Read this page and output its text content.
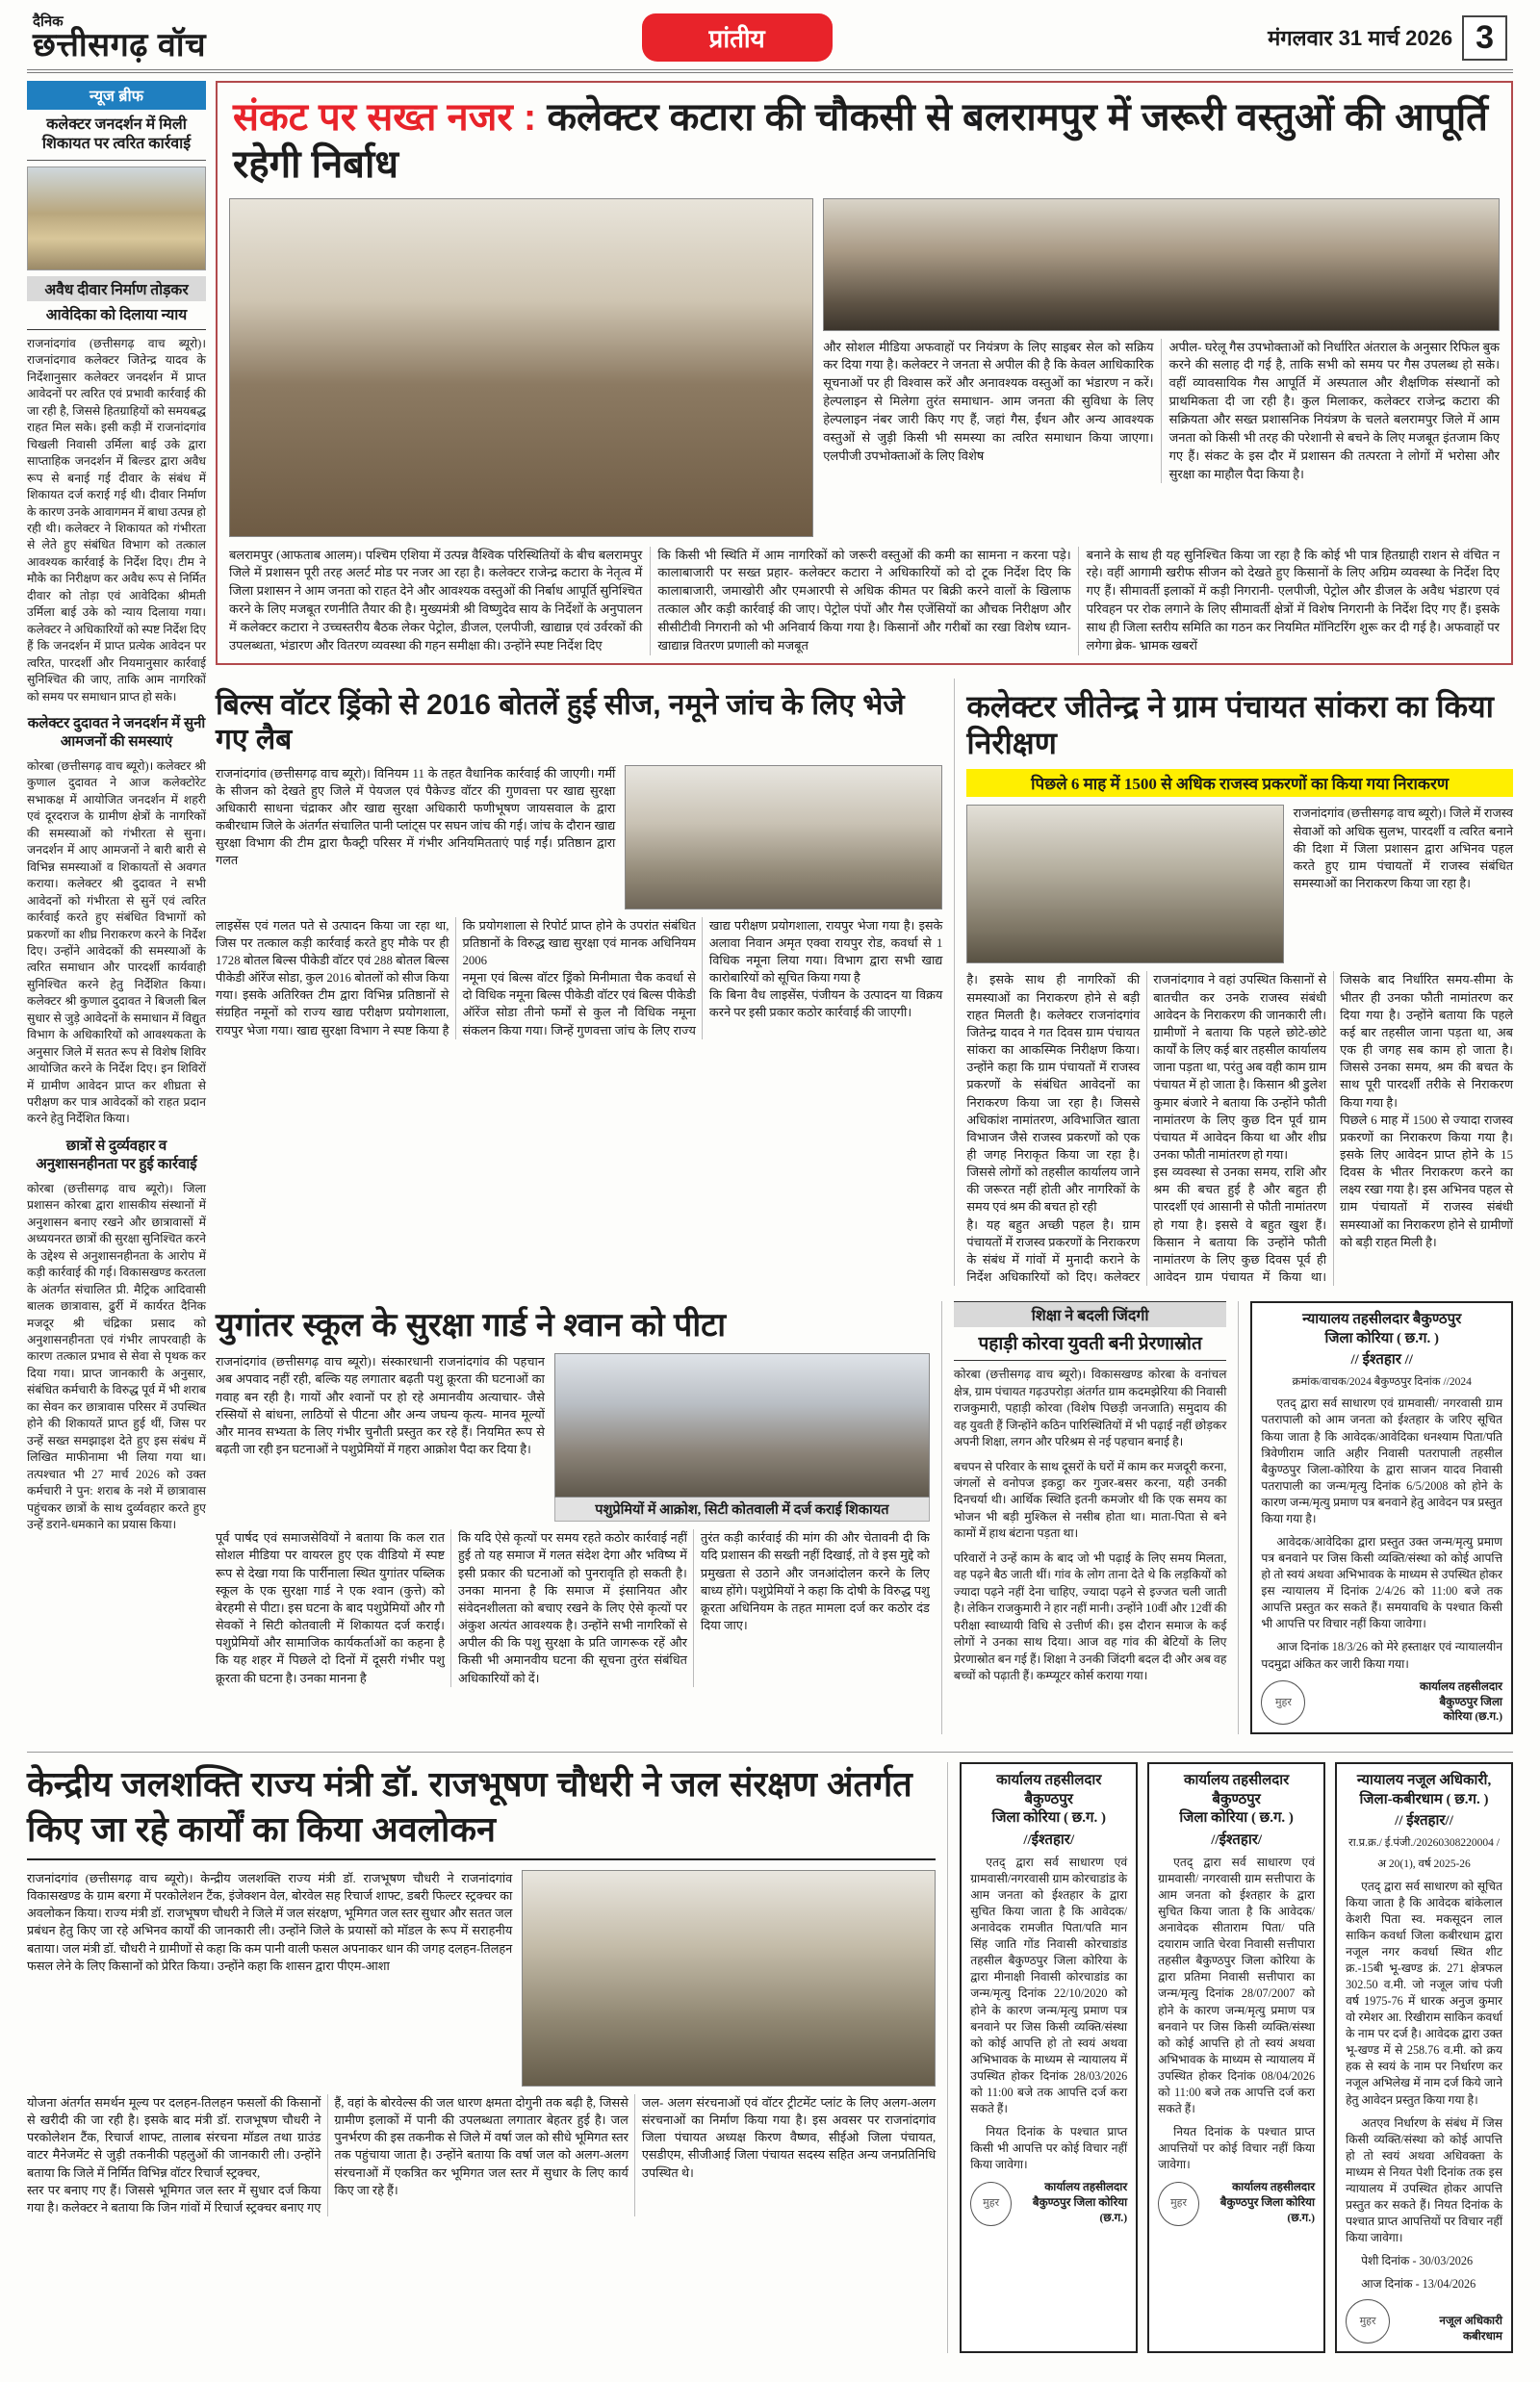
दैनिक
छत्तीसगढ़ वॉच	प्रांतीय	मंगलवार 31 मार्च 2026 3
न्यूज ब्रीफ
कलेक्टर जनदर्शन में मिली शिकायत पर त्वरित कार्रवाई
अवैध दीवार निर्माण तोड़कर
आवेदिका को दिलाया न्याय

राजनांदगांव (छत्तीसगढ़ वाच ब्यूरो)। राजनांदगाव कलेक्टर जितेन्द्र यादव के निर्देशानुसार कलेक्टर जनदर्शन में प्राप्त आवेदनों पर त्वरित एवं प्रभावी कार्रवाई की जा रही है, जिससे हितग्राहियों को समयबद्ध राहत मिल सके। इसी कड़ी में राजनांदगांव चिखली निवासी उर्मिला बाई उके द्वारा साप्ताहिक जनदर्शन में बिल्डर द्वारा अवैध रूप से बनाई गई दीवार के संबंध में शिकायत दर्ज कराई गई थी। दीवार निर्माण के कारण उनके आवागमन में बाधा उत्पन्न हो रही थी। कलेक्टर ने शिकायत को गंभीरता से लेते हुए संबंधित विभाग को तत्काल आवश्यक कार्रवाई के निर्देश दिए। टीम ने मौके का निरीक्षण कर अवैध रूप से निर्मित दीवार को तोड़ा एवं आवेदिका श्रीमती उर्मिला बाई उके को न्याय दिलाया गया। कलेक्टर ने अधिकारियों को स्पष्ट निर्देश दिए हैं कि जनदर्शन में प्राप्त प्रत्येक आवेदन पर त्वरित, पारदर्शी और नियमानुसार कार्रवाई सुनिश्चित की जाए, ताकि आम नागरिकों को समय पर समाधान प्राप्त हो सके।

कलेक्टर दुदावत ने जनदर्शन में सुनी आमजनों की समस्याएं

कोरबा (छत्तीसगढ़ वाच ब्यूरो)। कलेक्टर श्री कुणाल दुदावत ने आज कलेक्टोरेट सभाकक्ष में आयोजित जनदर्शन में शहरी एवं दूरदराज के ग्रामीण क्षेत्रों के नागरिकों की समस्याओं को गंभीरता से सुना। जनदर्शन में आए आमजनों ने बारी बारी से विभिन्न समस्याओं व शिकायतों से अवगत कराया। कलेक्टर श्री दुदावत ने सभी आवेदनों को गंभीरता से सुनें एवं त्वरित कार्रवाई करते हुए संबंधित विभागों को प्रकरणों का शीघ्र निराकरण करने के निर्देश दिए। उन्होंने आवेदकों की समस्याओं के त्वरित समाधान और पारदर्शी कार्यवाही सुनिश्चित करने हेतु निर्देशित किया। कलेक्टर श्री कुणाल दुदावत ने बिजली बिल सुधार से जुड़े आवेदनों के समाधान में विद्युत विभाग के अधिकारियों को आवश्यकता के अनुसार जिले में सतत रूप से विशेष शिविर आयोजित करने के निर्देश दिए। इन शिविरों में ग्रामीण आवेदन प्राप्त कर शीघ्रता से परीक्षण कर पात्र आवेदकों को राहत प्रदान करने हेतु निर्देशित किया।

छात्रों से दुर्व्यवहार व अनुशासनहीनता पर हुई कार्रवाई

कोरबा (छत्तीसगढ़ वाच ब्यूरो)। जिला प्रशासन कोरबा द्वारा शासकीय संस्थानों में अनुशासन बनाए रखने और छात्रावासों में अध्ययनरत छात्रों की सुरक्षा सुनिश्चित करने के उद्देश्य से अनुशासनहीनता के आरोप में कड़ी कार्रवाई की गई। विकासखण्ड करतला के अंतर्गत संचालित प्री. मैट्रिक आदिवासी बालक छात्रावास, ढुर्री में कार्यरत दैनिक मजदूर श्री चंद्रिका प्रसाद को अनुशासनहीनता एवं गंभीर लापरवाही के कारण तत्काल प्रभाव से सेवा से पृथक कर दिया गया। प्राप्त जानकारी के अनुसार, संबंधित कर्मचारी के विरुद्ध पूर्व में भी शराब का सेवन कर छात्रावास परिसर में उपस्थित होने की शिकायतें प्राप्त हुई थीं, जिस पर उन्हें सख्त समझाइश देते हुए इस संबंध में लिखित माफीनामा भी लिया गया था। तत्पश्चात भी 27 मार्च 2026 को उक्त कर्मचारी ने पुन: शराब के नशे में छात्रावास पहुंचकर छात्रों के साथ दुर्व्यवहार करते हुए उन्हें डराने-धमकाने का प्रयास किया।

संकट पर सख्त नजर : कलेक्टर कटारा की चौकसी से बलरामपुर में जरूरी वस्तुओं की आपूर्ति रहेगी निर्बाध

और सोशल मीडिया अफवाहों पर नियंत्रण के लिए साइबर सेल को सक्रिय कर दिया गया है। कलेक्टर ने जनता से अपील की है कि केवल आधिकारिक सूचनाओं पर ही विश्वास करें और अनावश्यक वस्तुओं का भंडारण न करें। हेल्पलाइन से मिलेगा तुरंत समाधान- आम जनता की सुविधा के लिए हेल्पलाइन नंबर जारी किए गए हैं, जहां गैस, ईंधन और अन्य आवश्यक वस्तुओं से जुड़ी किसी भी समस्या का त्वरित समाधान किया जाएगा। एलपीजी उपभोक्ताओं के लिए विशेष

अपील- घरेलू गैस उपभोक्ताओं को निर्धारित अंतराल के अनुसार रिफिल बुक करने की सलाह दी गई है, ताकि सभी को समय पर गैस उपलब्ध हो सके। वहीं व्यावसायिक गैस आपूर्ति में अस्पताल और शैक्षणिक संस्थानों को प्राथमिकता दी जा रही है। कुल मिलाकर, कलेक्टर राजेन्द्र कटारा की सक्रियता और सख्त प्रशासनिक नियंत्रण के चलते बलरामपुर जिले में आम जनता को किसी भी तरह की परेशानी से बचने के लिए मजबूत इंतजाम किए गए हैं। संकट के इस दौर में प्रशासन की तत्परता ने लोगों में भरोसा और सुरक्षा का माहौल पैदा किया है।

बलरामपुर (आफताब आलम)। पश्चिम एशिया में उत्पन्न वैश्विक परिस्थितियों के बीच बलरामपुर जिले में प्रशासन पूरी तरह अलर्ट मोड पर नजर आ रहा है। कलेक्टर राजेन्द्र कटारा के नेतृत्व में जिला प्रशासन ने आम जनता को राहत देने और आवश्यक वस्तुओं की निर्बाध आपूर्ति सुनिश्चित करने के लिए मजबूत रणनीति तैयार की है। मुख्यमंत्री श्री विष्णुदेव साय के निर्देशों के अनुपालन में कलेक्टर कटारा ने उच्चस्तरीय बैठक लेकर पेट्रोल, डीजल, एलपीजी, खाद्यान्न एवं उर्वरकों की उपलब्धता, भंडारण और वितरण व्यवस्था की गहन समीक्षा की। उन्होंने स्पष्ट निर्देश दिए

कि किसी भी स्थिति में आम नागरिकों को जरूरी वस्तुओं की कमी का सामना न करना पड़े। कालाबाजारी पर सख्त प्रहार- कलेक्टर कटारा ने अधिकारियों को दो टूक निर्देश दिए कि कालाबाजारी, जमाखोरी और एमआरपी से अधिक कीमत पर बिक्री करने वालों के खिलाफ तत्काल और कड़ी कार्रवाई की जाए। पेट्रोल पंपों और गैस एजेंसियों का औचक निरीक्षण और सीसीटीवी निगरानी को भी अनिवार्य किया गया है। किसानों और गरीबों का रखा विशेष ध्यान- खाद्यान्न वितरण प्रणाली को मजबूत

बनाने के साथ ही यह सुनिश्चित किया जा रहा है कि कोई भी पात्र हितग्राही राशन से वंचित न रहे। वहीं आगामी खरीफ सीजन को देखते हुए किसानों के लिए अग्रिम व्यवस्था के निर्देश दिए गए हैं। सीमावर्ती इलाकों में कड़ी निगरानी- एलपीजी, पेट्रोल और डीजल के अवैध भंडारण एवं परिवहन पर रोक लगाने के लिए सीमावर्ती क्षेत्रों में विशेष निगरानी के निर्देश दिए गए हैं। इसके साथ ही जिला स्तरीय समिति का गठन कर नियमित मॉनिटरिंग शुरू कर दी गई है। अफवाहों पर लगेगा ब्रेक- भ्रामक खबरों

बिल्स वॉटर ड्रिंको से 2016 बोतलें हुई सीज, नमूने जांच के लिए भेजे गए लैब
राजनांदगांव (छत्तीसगढ़ वाच ब्यूरो)। विनियम 11 के तहत वैधानिक कार्रवाई की जाएगी। गर्मी के सीजन को देखते हुए जिले में पेयजल एवं पैकेज्ड वॉटर की गुणवत्ता पर खाद्य सुरक्षा अधिकारी साधना चंद्राकर और खाद्य सुरक्षा अधिकारी फणीभूषण जायसवाल के द्वारा कबीरधाम जिले के अंतर्गत संचालित पानी प्लांट्स पर सघन जांच की गई। जांच के दौरान खाद्य सुरक्षा विभाग की टीम द्वारा फैक्ट्री परिसर में गंभीर अनियमितताएं पाई गईं। प्रतिष्ठान द्वारा गलत

लाइसेंस एवं गलत पते से उत्पादन किया जा रहा था, जिस पर तत्काल कड़ी कार्रवाई करते हुए मौके पर ही 1728 बोतल बिल्स पीकेडी वॉटर एवं 288 बोतल बिल्स पीकेडी ऑरेंज सोडा, कुल 2016 बोतलों को सीज किया गया। इसके अतिरिक्त टीम द्वारा विभिन्न प्रतिष्ठानों से संग्रहित नमूनों को राज्य खाद्य परीक्षण प्रयोगशाला, रायपुर भेजा गया। खाद्य सुरक्षा विभाग ने स्पष्ट किया है कि प्रयोगशाला से रिपोर्ट प्राप्त होने के उपरांत संबंधित प्रतिष्ठानों के विरुद्ध खाद्य सुरक्षा एवं मानक अधिनियम 2006

नमूना एवं बिल्स वॉटर ड्रिंको मिनीमाता चैक कवर्धा से दो विधिक नमूना बिल्स पीकेडी वॉटर एवं बिल्स पीकेडी ऑरेंज सोडा तीनो फर्मों से कुल नौ विधिक नमूना संकलन किया गया। जिन्हें गुणवत्ता जांच के लिए राज्य खाद्य परीक्षण प्रयोगशाला, रायपुर भेजा गया है। इसके अलावा निवान अमृत एक्वा रायपुर रोड, कवर्धा से 1 विधिक नमूना लिया गया। विभाग द्वारा सभी खाद्य कारोबारियों को सूचित किया गया है

कि बिना वैध लाइसेंस, पंजीयन के उत्पादन या विक्रय करने पर इसी प्रकार कठोर कार्रवाई की जाएगी।

कलेक्टर जीतेन्द्र ने ग्राम पंचायत सांकरा का किया निरीक्षण
पिछले 6 माह में 1500 से अधिक राजस्व प्रकरणों का किया गया निराकरण
राजनांदगांव (छत्तीसगढ़ वाच ब्यूरो)। जिले में राजस्व सेवाओं को अधिक सुलभ, पारदर्शी व त्वरित बनाने की दिशा में जिला प्रशासन द्वारा अभिनव पहल करते हुए ग्राम पंचायतों में राजस्व संबंधित समस्याओं का निराकरण किया जा रहा है।

है। इसके साथ ही नागरिकों की समस्याओं का निराकरण होने से बड़ी राहत मिलती है। कलेक्टर राजनांदगांव जितेन्द्र यादव ने गत दिवस ग्राम पंचायत सांकरा का आकस्मिक निरीक्षण किया। उन्होंने कहा कि ग्राम पंचायतों में राजस्व प्रकरणों के संबंधित आवेदनों का निराकरण किया जा रहा है। जिससे अधिकांश नामांतरण, अविभाजित खाता विभाजन जैसे राजस्व प्रकरणों को एक ही जगह निराकृत किया जा रहा है। जिससे लोगों को तहसील कार्यालय जाने की जरूरत नहीं होती और नागरिकों के समय एवं श्रम की बचत हो रही

है। यह बहुत अच्छी पहल है। ग्राम पंचायतों में राजस्व प्रकरणों के निराकरण के संबंध में गांवों में मुनादी कराने के निर्देश अधिकारियों को दिए। कलेक्टर राजनांदगाव ने वहां उपस्थित किसानों से बातचीत कर उनके राजस्व संबंधी आवेदन के निराकरण की जानकारी ली। ग्रामीणों ने बताया कि पहले छोटे-छोटे कार्यों के लिए कई बार तहसील कार्यालय जाना पड़ता था, परंतु अब वही काम ग्राम पंचायत में हो जाता है। किसान श्री डुलेश कुमार बंजारे ने बताया कि उन्होंने फौती नामांतरण के लिए कुछ दिन पूर्व ग्राम पंचायत में आवेदन किया था और शीघ्र उनका फौती नामांतरण हो गया।

इस व्यवस्था से उनका समय, राशि और श्रम की बचत हुई है और बहुत ही पारदर्शी एवं आसानी से फौती नामांतरण हो गया है। इससे वे बहुत खुश हैं। किसान ने बताया कि उन्होंने फौती नामांतरण के लिए कुछ दिवस पूर्व ही आवेदन ग्राम पंचायत में किया था। जिसके बाद निर्धारित समय-सीमा के भीतर ही उनका फौती नामांतरण कर दिया गया है। उन्होंने बताया कि पहले कई बार तहसील जाना पड़ता था, अब एक ही जगह सब काम हो जाता है। जिससे उनका समय, श्रम की बचत के साथ पूरी पारदर्शी तरीके से निराकरण किया गया है।

पिछले 6 माह में 1500 से ज्यादा राजस्व प्रकरणों का निराकरण किया गया है। इसके लिए आवेदन प्राप्त होने के 15 दिवस के भीतर निराकरण करने का लक्ष्य रखा गया है। इस अभिनव पहल से ग्राम पंचायतों में राजस्व संबंधी समस्याओं का निराकरण होने से ग्रामीणों को बड़ी राहत मिली है।

युगांतर स्कूल के सुरक्षा गार्ड ने श्वान को पीटा
राजनांदगांव (छत्तीसगढ़ वाच ब्यूरो)। संस्कारधानी राजनांदगांव की पहचान अब अपवाद नहीं रही, बल्कि यह लगातार बढ़ती पशु क्रूरता की घटनाओं का गवाह बन रही है। गायों और श्वानों पर हो रहे अमानवीय अत्याचार- जैसे रस्सियों से बांधना, लाठियों से पीटना और अन्य जघन्य कृत्य- मानव मूल्यों और मानव सभ्यता के लिए गंभीर चुनौती प्रस्तुत कर रहे हैं। नियमित रूप से बढ़ती जा रही इन घटनाओं ने पशुप्रेमियों में गहरा आक्रोश पैदा कर दिया है।
पशुप्रेमियों में आक्रोश, सिटी कोतवाली में दर्ज कराई शिकायत

पूर्व पार्षद एवं समाजसेवियों ने बताया कि कल रात सोशल मीडिया पर वायरल हुए एक वीडियो में स्पष्ट रूप से देखा गया कि पार्रीनाला स्थित युगांतर पब्लिक स्कूल के एक सुरक्षा गार्ड ने एक श्वान (कुत्ते) को बेरहमी से पीटा। इस घटना के बाद पशुप्रेमियों और गौ सेवकों ने सिटी कोतवाली में शिकायत दर्ज कराई। पशुप्रेमियों और सामाजिक कार्यकर्ताओं का कहना है कि यह शहर में पिछले दो दिनों में दूसरी गंभीर पशु क्रूरता की घटना है। उनका मानना है

कि यदि ऐसे कृत्यों पर समय रहते कठोर कार्रवाई नहीं हुई तो यह समाज में गलत संदेश देगा और भविष्य में इसी प्रकार की घटनाओं को पुनरावृति हो सकती है। उनका मानना है कि समाज में इंसानियत और संवेदनशीलता को बचाए रखने के लिए ऐसे कृत्यों पर अंकुश अत्यंत आवश्यक है। उन्होंने सभी नागरिकों से अपील की कि पशु सुरक्षा के प्रति जागरूक रहें और किसी भी अमानवीय घटना की सूचना तुरंत संबंधित अधिकारियों को दें।

तुरंत कड़ी कार्रवाई की मांग की और चेतावनी दी कि यदि प्रशासन की सख्ती नहीं दिखाई, तो वे इस मुद्दे को प्रमुखता से उठाने और जनआंदोलन करने के लिए बाध्य होंगे। पशुप्रेमियों ने कहा कि दोषी के विरुद्ध पशु क्रूरता अधिनियम के तहत मामला दर्ज कर कठोर दंड दिया जाए।

शिक्षा ने बदली जिंदगी
पहाड़ी कोरवा युवती बनी प्रेरणास्रोत

कोरबा (छत्तीसगढ़ वाच ब्यूरो)। विकासखण्ड कोरबा के वनांचल क्षेत्र, ग्राम पंचायत गढ़उपरोड़ा अंतर्गत ग्राम कदमझेरिया की निवासी राजकुमारी, पहाड़ी कोरवा (विशेष पिछड़ी जनजाति) समुदाय की वह युवती हैं जिन्होंने कठिन पारिस्थितियों में भी पढ़ाई नहीं छोड़कर अपनी शिक्षा, लगन और परिश्रम से नई पहचान बनाई है।

बचपन से परिवार के साथ दूसरों के घरों में काम कर मजदूरी करना, जंगलों से वनोपज इकट्ठा कर गुजर-बसर करना, यही उनकी दिनचर्या थी। आर्थिक स्थिति इतनी कमजोर थी कि एक समय का भोजन भी बड़ी मुश्किल से नसीब होता था। माता-पिता से बने कामों में हाथ बंटाना पड़ता था।

परिवारों ने उन्हें काम के बाद जो भी पढ़ाई के लिए समय मिलता, वह पढ़ने बैठ जाती थीं। गांव के लोग ताना देते थे कि लड़कियों को ज्यादा पढ़ने नहीं देना चाहिए, ज्यादा पढ़ने से इज्जत चली जाती है। लेकिन राजकुमारी ने हार नहीं मानी। उन्होंने 10वीं और 12वीं की परीक्षा स्वाध्यायी विधि से उत्तीर्ण की। इस दौरान समाज के कई लोगों ने उनका साथ दिया। आज वह गांव की बेटियों के लिए प्रेरणास्रोत बन गई हैं। शिक्षा ने उनकी जिंदगी बदल दी और अब वह बच्चों को पढ़ाती हैं। कम्प्यूटर कोर्स कराया गया।

न्यायालय तहसीलदार बैकुण्ठपुर
जिला कोरिया ( छ.ग. )
// ईश्तहार //
क्रमांक/वाचक/2024 बैकुण्ठपुर दिनांक //2024

एतद् द्वारा सर्व साधारण एवं ग्रामवासी/ नगरवासी ग्राम पतरापाली को आम जनता को ईश्तहार के जरिए सूचित किया जाता है कि आवेदक/आवेदिका धनश्याम पिता/पति त्रिवेणीराम जाति अहीर निवासी पतरापाली तहसील बैकुण्ठपुर जिला-कोरिया के द्वारा साजन यादव निवासी पतरापाली का जन्म/मृत्यु दिनांक 6/5/2008 को होने के कारण जन्म/मृत्यु प्रमाण पत्र बनवाने हेतु आवेदन पत्र प्रस्तुत किया गया है।

आवेदक/आवेदिका द्वारा प्रस्तुत उक्त जन्म/मृत्यु प्रमाण पत्र बनवाने पर जिस किसी व्यक्ति/संस्था को कोई आपत्ति हो तो स्वयं अथवा अभिभावक के माध्यम से उपस्थित होकर इस न्यायालय में दिनांक 2/4/26 को 11:00 बजे तक आपत्ति प्रस्तुत कर सकते हैं। समयावधि के पश्चात किसी भी आपत्ति पर विचार नहीं किया जावेगा।

आज दिनांक 18/3/26 को मेरे हस्ताक्षर एवं न्यायालयीन पदमुद्रा अंकित कर जारी किया गया।

मुहर
कार्यालय तहसीलदार
बैकुण्ठपुर जिला
कोरिया (छ.ग.)
केन्द्रीय जलशक्ति राज्य मंत्री डॉ. राजभूषण चौधरी ने जल संरक्षण अंतर्गत किए जा रहे कार्यों का किया अवलोकन
राजनांदगांव (छत्तीसगढ़ वाच ब्यूरो)। केन्द्रीय जलशक्ति राज्य मंत्री डॉ. राजभूषण चौधरी ने राजनांदगांव विकासखण्ड के ग्राम बरगा में परकोलेशन टैंक, इंजेक्शन वेल, बोरवेल सह रिचार्ज शाफ्ट, डबरी फिल्टर स्ट्रक्चर का अवलोकन किया। राज्य मंत्री डॉ. राजभूषण चौधरी ने जिले में जल संरक्षण, भूमिगत जल स्तर सुधार और सतत जल प्रबंधन हेतु किए जा रहे अभिनव कार्यों की जानकारी ली। उन्होंने जिले के प्रयासों को मॉडल के रूप में सराहनीय बताया। जल मंत्री डॉ. चौधरी ने ग्रामीणों से कहा कि कम पानी वाली फसल अपनाकर धान की जगह दलहन-तिलहन फसल लेने के लिए किसानों को प्रेरित किया। उन्होंने कहा कि शासन द्वारा पीएम-आशा

योजना अंतर्गत समर्थन मूल्य पर दलहन-तिलहन फसलों की किसानों से खरीदी की जा रही है। इसके बाद मंत्री डॉ. राजभूषण चौधरी ने परकोलेशन टैंक, रिचार्ज शाफ्ट, तालाब संरचना मॉडल तथा ग्राउंड वाटर मैनेजमेंट से जुड़ी तकनीकी पहलुओं की जानकारी ली। उन्होंने बताया कि जिले में निर्मित विभिन्न वॉटर रिचार्ज स्ट्रक्चर,

स्तर पर बनाए गए हैं। जिससे भूमिगत जल स्तर में सुधार दर्ज किया गया है। कलेक्टर ने बताया कि जिन गांवों में रिचार्ज स्ट्रक्चर बनाए गए हैं, वहां के बोरवेल्स की जल धारण क्षमता दोगुनी तक बढ़ी है, जिससे ग्रामीण इलाकों में पानी की उपलब्धता लगातार बेहतर हुई है। जल पुनर्भरण की इस तकनीक से जिले में वर्षा जल को सीधे भूमिगत स्तर तक पहुंचाया जाता है। उन्होंने बताया कि वर्षा जल को अलग-अलग संरचनाओं में एकत्रित कर भूमिगत जल स्तर में सुधार के लिए कार्य किए जा रहे हैं।

जल- अलग संरचनाओं एवं वॉटर ट्रीटमेंट प्लांट के लिए अलग-अलग संरचनाओं का निर्माण किया गया है। इस अवसर पर राजनांदगांव जिला पंचायत अध्यक्ष किरण वैष्णव, सीईओ जिला पंचायत, एसडीएम, सीजीआई जिला पंचायत सदस्य सहित अन्य जनप्रतिनिधि उपस्थित थे।

कार्यालय तहसीलदार बैकुण्ठपुर
जिला कोरिया ( छ.ग. )
//ईश्तहार/

एतद् द्वारा सर्व साधारण एवं ग्रामवासी/नगरवासी ग्राम कोरचाडांड के आम जनता को ईश्तहार के द्वारा सुचित किया जाता है कि आवेदक/ अनावेदक रामजीत पिता/पति मान सिंह जाति गोंड निवासी कोरचाडांड तहसील बैकुण्ठपुर जिला कोरिया के द्वारा मीनाक्षी निवासी कोरचाडांड का जन्म/मृत्यु दिनांक 22/10/2020 को होने के कारण जन्म/मृत्यु प्रमाण पत्र बनवाने पर जिस किसी व्यक्ति/संस्था को कोई आपत्ति हो तो स्वयं अथवा अभिभावक के माध्यम से न्यायालय में उपस्थित होकर दिनांक 28/03/2026 को 11:00 बजे तक आपत्ति दर्ज करा सकते हैं।

नियत दिनांक के पश्चात प्राप्त किसी भी आपत्ति पर कोई विचार नहीं किया जावेगा।

मुहर
कार्यालय तहसीलदार
बैकुण्ठपुर जिला कोरिया (छ.ग.)
कार्यालय तहसीलदार बैकुण्ठपुर
जिला कोरिया ( छ.ग. )
//ईश्तहार/

एतद् द्वारा सर्व साधारण एवं ग्रामवासी/ नगरवासी ग्राम सत्तीपारा के आम जनता को ईश्तहार के द्वारा सुचित किया जाता है कि आवेदक/ अनावेदक सीताराम पिता/ पति दयाराम जाति चेरवा निवासी सत्तीपारा तहसील बैकुण्ठपुर जिला कोरिया के द्वारा प्रतिमा निवासी सत्तीपारा का जन्म/मृत्यु दिनांक 28/07/2007 को होने के कारण जन्म/मृत्यु प्रमाण पत्र बनवाने पर जिस किसी व्यक्ति/संस्था को कोई आपत्ति हो तो स्वयं अथवा अभिभावक के माध्यम से न्यायालय में उपस्थित होकर दिनांक 08/04/2026 को 11:00 बजे तक आपत्ति दर्ज करा सकते हैं।

नियत दिनांक के पश्चात प्राप्त आपत्तियों पर कोई विचार नहीं किया जावेगा।

मुहर
कार्यालय तहसीलदार
बैकुण्ठपुर जिला कोरिया (छ.ग.)
न्यायालय नजूल अधिकारी,
जिला-कबीरधाम ( छ.ग. )
// ईश्तहार//
रा.प्र.क्र./ ई.पंजी./20260308220004 /
अ 20(1), वर्ष 2025-26

एतद् द्वारा सर्व साधारण को सूचित किया जाता है कि आवेदक बांकेलाल केशरी पिता स्व. मकसूदन लाल साकिन कवर्धा जिला कबीरधाम द्वारा नजूल नगर कवर्धा स्थित शीट क्र.-15बी भू-खण्ड क्रं. 271 क्षेत्रफल 302.50 व.मी. जो नजूल जांच पंजी वर्ष 1975-76 में धारक अनुज कुमार वो रमेशर आ. रिखीराम साकिन कवर्धा के नाम पर दर्ज है। आवेदक द्वारा उक्त भू-खण्ड में से 258.76 व.मी. को क्रय हक से स्वयं के नाम पर निर्धारण कर नजूल अभिलेख में नाम दर्ज किये जाने हेतु आवेदन प्रस्तुत किया गया है।

अतएव निर्धारण के संबंध में जिस किसी व्यक्ति/संस्था को कोई आपत्ति हो तो स्वयं अथवा अधिवक्ता के माध्यम से नियत पेशी दिनांक तक इस न्यायालय में उपस्थित होकर आपत्ति प्रस्तुत कर सकते हैं। नियत दिनांक के पश्चात प्राप्त आपत्तियों पर विचार नहीं किया जावेगा।

पेशी दिनांक - 30/03/2026

आज दिनांक - 13/04/2026

मुहर	नजूल अधिकारी
कबीरधाम
